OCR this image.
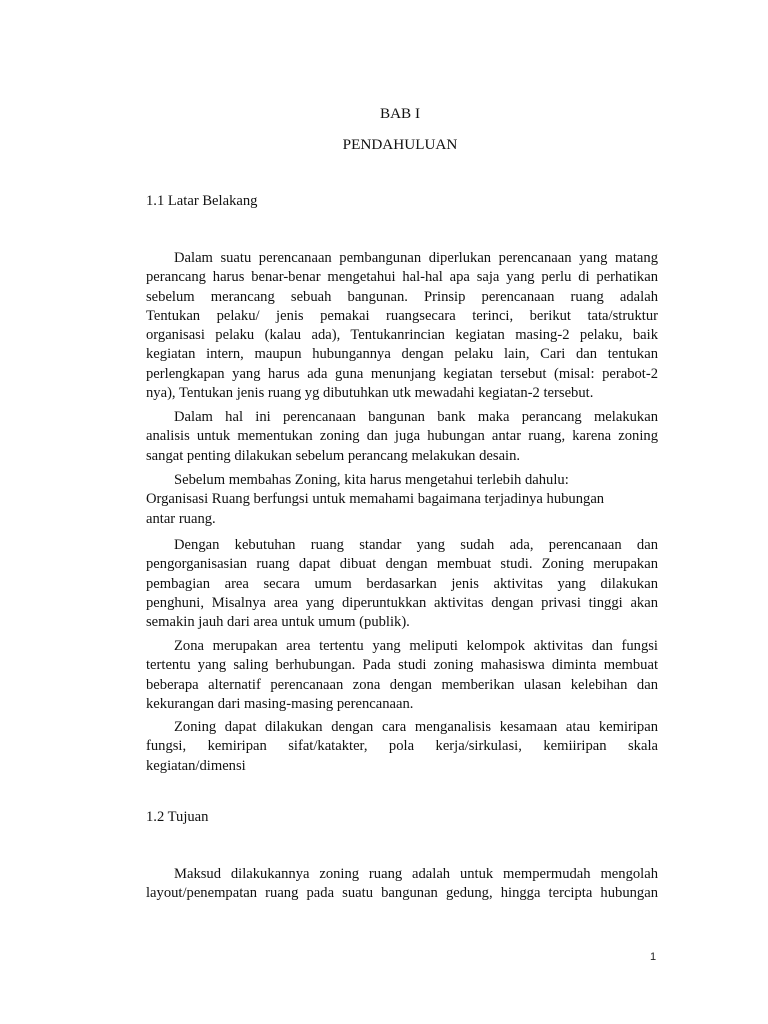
BAB I
PENDAHULUAN
1.1 Latar Belakang
Dalam suatu perencanaan pembangunan diperlukan perencanaan yang matang
perancang harus benar-benar mengetahui hal-hal apa saja yang perlu di perhatikan
sebelum merancang sebuah bangunan. Prinsip perencanaan ruang adalah
Tentukan pelaku/ jenis pemakai ruangsecara terinci, berikut tata/struktur
organisasi pelaku (kalau ada), Tentukanrincian kegiatan masing-2 pelaku, baik
kegiatan intern, maupun hubungannya dengan pelaku lain, Cari dan tentukan
perlengkapan yang harus ada guna menunjang kegiatan tersebut (misal: perabot-2
nya), Tentukan jenis ruang yg dibutuhkan utk mewadahi kegiatan-2 tersebut.
Dalam hal ini perencanaan bangunan bank maka perancang melakukan
analisis untuk mementukan zoning dan juga hubungan antar ruang, karena zoning
sangat penting dilakukan sebelum perancang melakukan desain.
Sebelum membahas Zoning, kita harus mengetahui terlebih dahulu:
Organisasi Ruang berfungsi untuk memahami bagaimana terjadinya hubungan
antar ruang.
Dengan kebutuhan ruang standar yang sudah ada, perencanaan dan
pengorganisasian ruang dapat dibuat dengan membuat studi. Zoning merupakan
pembagian area secara umum berdasarkan jenis aktivitas yang dilakukan
penghuni, Misalnya area yang diperuntukkan aktivitas dengan privasi tinggi akan
semakin jauh dari area untuk umum (publik).
Zona merupakan area tertentu yang meliputi kelompok aktivitas dan fungsi
tertentu yang saling berhubungan. Pada studi zoning mahasiswa diminta membuat
beberapa alternatif perencanaan zona dengan memberikan ulasan kelebihan dan
kekurangan dari masing-masing perencanaan.
Zoning dapat dilakukan dengan cara menganalisis kesamaan atau kemiripan
fungsi, kemiripan sifat/katakter, pola kerja/sirkulasi, kemiiripan skala
kegiatan/dimensi
1.2 Tujuan
Maksud dilakukannya zoning ruang adalah untuk mempermudah mengolah
layout/penempatan ruang pada suatu bangunan gedung, hingga tercipta hubungan
1
